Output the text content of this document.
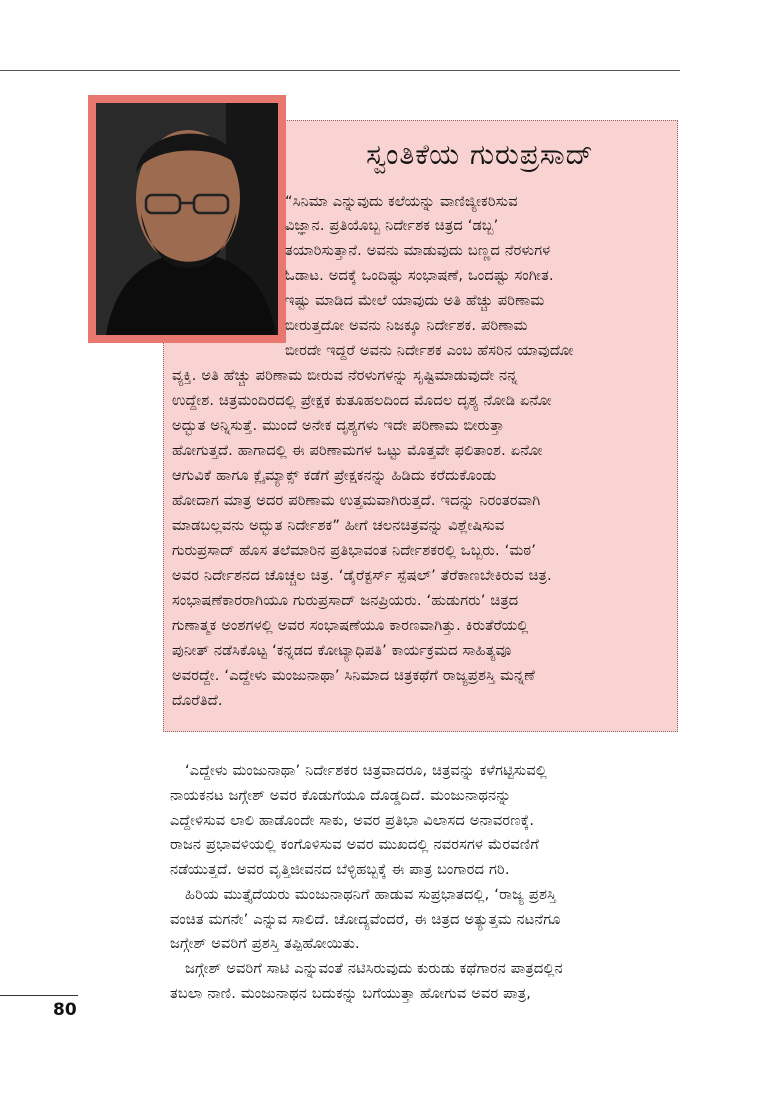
ಸ್ವಂತಿಕೆಯ ಗುರುಪ್ರಸಾದ್
“ಸಿನಿಮಾ ಎನ್ನುವುದು ಕಲೆಯನ್ನು ವಾಣಿಜ್ಯೀಕರಿಸುವ
ವಿಜ್ಞಾನ. ಪ್ರತಿಯೊಬ್ಬ ನಿರ್ದೇಶಕ ಚಿತ್ರದ ‘ಡಬ್ಬ’
ತಯಾರಿಸುತ್ತಾನೆ. ಅವನು ಮಾಡುವುದು ಬಣ್ಣದ ನೆರಳುಗಳ
ಓಡಾಟ. ಅದಕ್ಕೆ ಒಂದಿಷ್ಟು ಸಂಭಾಷಣೆ, ಒಂದಷ್ಟು ಸಂಗೀತ.
ಇಷ್ಟು ಮಾಡಿದ ಮೇಲೆ ಯಾವುದು ಅತಿ ಹೆಚ್ಚು ಪರಿಣಾಮ
ಬೀರುತ್ತದೋ ಅವನು ನಿಜಕ್ಕೂ ನಿರ್ದೇಶಕ. ಪರಿಣಾಮ
ಬೀರದೇ ಇದ್ದರೆ ಅವನು ನಿರ್ದೇಶಕ ಎಂಬ ಹೆಸರಿನ ಯಾವುದೋ
ವ್ಯಕ್ತಿ. ಅತಿ ಹೆಚ್ಚು ಪರಿಣಾಮ ಬೀರುವ ನೆರಳುಗಳನ್ನು ಸೃಷ್ಟಿಮಾಡುವುದೇ ನನ್ನ
ಉದ್ದೇಶ. ಚಿತ್ರಮಂದಿರದಲ್ಲಿ ಪ್ರೇಕ್ಷಕ ಕುತೂಹಲದಿಂದ ಮೊದಲ ದೃಶ್ಯ ನೋಡಿ ಏನೋ
ಅದ್ಭುತ ಅನ್ನಿಸುತ್ತೆ. ಮುಂದೆ ಅನೇಕ ದೃಶ್ಯಗಳು ಇದೇ ಪರಿಣಾಮ ಬೀರುತ್ತಾ
ಹೋಗುತ್ತದೆ. ಹಾಗಾದಲ್ಲಿ ಈ ಪರಿಣಾಮಗಳ ಒಟ್ಟು ಮೊತ್ತವೇ ಫಲಿತಾಂಶ. ಏನೋ
ಆಗುವಿಕೆ ಹಾಗೂ ಕ್ಲೈಮ್ಯಾಕ್ಸ್ ಕಡೆಗೆ ಪ್ರೇಕ್ಷಕನನ್ನು ಹಿಡಿದು ಕರೆದುಕೊಂಡು
ಹೋದಾಗ ಮಾತ್ರ ಅದರ ಪರಿಣಾಮ ಉತ್ತಮವಾಗಿರುತ್ತದೆ. ಇದನ್ನು ನಿರಂತರವಾಗಿ
ಮಾಡಬಲ್ಲವನು ಅದ್ಭುತ ನಿರ್ದೇಶಕ” ಹೀಗೆ ಚಲನಚಿತ್ರವನ್ನು ವಿಶ್ಲೇಷಿಸುವ
ಗುರುಪ್ರಸಾದ್ ಹೊಸ ತಲೆಮಾರಿನ ಪ್ರತಿಭಾವಂತ ನಿರ್ದೇಶಕರಲ್ಲಿ ಒಬ್ಬರು. ‘ಮಠ’
ಅವರ ನಿರ್ದೇಶನದ ಚೊಚ್ಚಲ ಚಿತ್ರ. ‘ಡೈರೆಕ್ಟರ್ಸ್ ಸ್ಪೆಷಲ್’ ತೆರೆಕಾಣಬೇಕಿರುವ ಚಿತ್ರ.
ಸಂಭಾಷಣೆಕಾರರಾಗಿಯೂ ಗುರುಪ್ರಸಾದ್ ಜನಪ್ರಿಯರು. ‘ಹುಡುಗರು’ ಚಿತ್ರದ
ಗುಣಾತ್ಮಕ ಅಂಶಗಳಲ್ಲಿ ಅವರ ಸಂಭಾಷಣೆಯೂ ಕಾರಣವಾಗಿತ್ತು. ಕಿರುತೆರೆಯಲ್ಲಿ
ಪುನೀತ್ ನಡೆಸಿಕೊಟ್ಟ ‘ಕನ್ನಡದ ಕೋಟ್ಯಾಧಿಪತಿ’ ಕಾರ್ಯಕ್ರಮದ ಸಾಹಿತ್ಯವೂ
ಅವರದ್ದೇ. ‘ಎದ್ದೇಳು ಮಂಜುನಾಥಾ’ ಸಿನಿಮಾದ ಚಿತ್ರಕಥೆಗೆ ರಾಜ್ಯಪ್ರಶಸ್ತಿ ಮನ್ನಣೆ
ದೊರೆತಿದೆ.
‘ಎದ್ದೇಳು ಮಂಜುನಾಥಾ’ ನಿರ್ದೇಶಕರ ಚಿತ್ರವಾದರೂ, ಚಿತ್ರವನ್ನು ಕಳೆಗಟ್ಟಿಸುವಲ್ಲಿ
ನಾಯಕನಟ ಜಗ್ಗೇಶ್ ಅವರ ಕೊಡುಗೆಯೂ ದೊಡ್ಡದಿದೆ. ಮಂಜುನಾಥನನ್ನು
ಎದ್ದೇಳಿಸುವ ಲಾಲಿ ಹಾಡೊಂದೇ ಸಾಕು, ಅವರ ಪ್ರತಿಭಾ ವಿಲಾಸದ ಅನಾವರಣಕ್ಕೆ.
ರಾಜನ ಪ್ರಭಾವಳಿಯಲ್ಲಿ ಕಂಗೊಳಿಸುವ ಅವರ ಮುಖದಲ್ಲಿ ನವರಸಗಳ ಮೆರವಣಿಗೆ
ನಡೆಯುತ್ತದೆ. ಅವರ ವೃತ್ತಿಜೀವನದ ಬೆಳ್ಳಿಹಬ್ಬಕ್ಕೆ ಈ ಪಾತ್ರ ಬಂಗಾರದ ಗರಿ.
ಹಿರಿಯ ಮುತ್ತೈದೆಯರು ಮಂಜುನಾಥನಿಗೆ ಹಾಡುವ ಸುಪ್ರಭಾತದಲ್ಲಿ, ‘ರಾಜ್ಯ ಪ್ರಶಸ್ತಿ
ವಂಚಿತ ಮಗನೇ’ ಎನ್ನುವ ಸಾಲಿದೆ. ಚೋದ್ಯವೆಂದರೆ, ಈ ಚಿತ್ರದ ಅತ್ಯುತ್ತಮ ನಟನೆಗೂ
ಜಗ್ಗೇಶ್ ಅವರಿಗೆ ಪ್ರಶಸ್ತಿ ತಪ್ಪಿಹೋಯಿತು.
ಜಗ್ಗೇಶ್ ಅವರಿಗೆ ಸಾಟಿ ಎನ್ನುವಂತೆ ನಟಿಸಿರುವುದು ಕುರುಡು ಕಥೆಗಾರನ ಪಾತ್ರದಲ್ಲಿನ
ತಬಲಾ ನಾಣಿ. ಮಂಜುನಾಥನ ಬದುಕನ್ನು ಬಗೆಯುತ್ತಾ ಹೋಗುವ ಅವರ ಪಾತ್ರ,
80
